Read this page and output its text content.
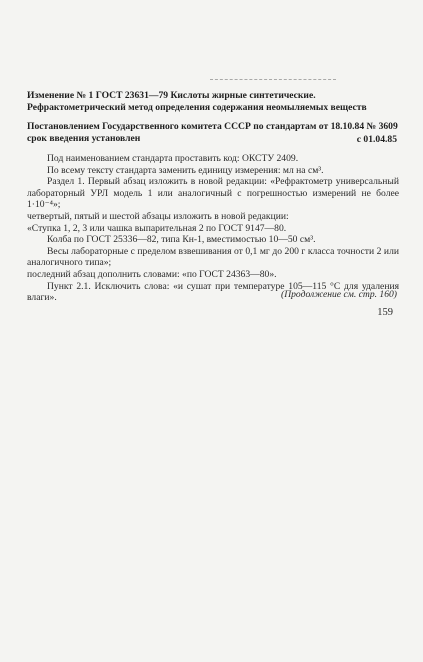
Изменение № 1 ГОСТ 23631—79 Кислоты жирные синтетические. Рефрактометрический метод определения содержания неомыляемых веществ
Постановлением Государственного комитета СССР по стандартам от 18.10.84 № 3609 срок введения установлен	с 01.04.85

Под наименованием стандарта проставить код: ОКСТУ 2409.

По всему тексту стандарта заменить единицу измерения: мл на см³.

Раздел 1. Первый абзац изложить в новой редакции: «Рефрактометр универсальный лабораторный УРЛ модель 1 или аналогичный с погрешностью измерений не более 1·10⁻⁴»;

четвертый, пятый и шестой абзацы изложить в новой редакции:

«Ступка 1, 2, 3 или чашка выпарительная 2 по ГОСТ 9147—80.

Колба по ГОСТ 25336—82, типа Кн-1, вместимостью 10—50 см³.

Весы лабораторные с пределом взвешивания от 0,1 мг до 200 г класса точности 2 или аналогичного типа»;

последний абзац дополнить словами: «по ГОСТ 24363—80».

Пункт 2.1. Исключить слова: «и сушат при температуре 105—115 °С для удаления влаги».	(Продолжение см. стр. 160)
159
